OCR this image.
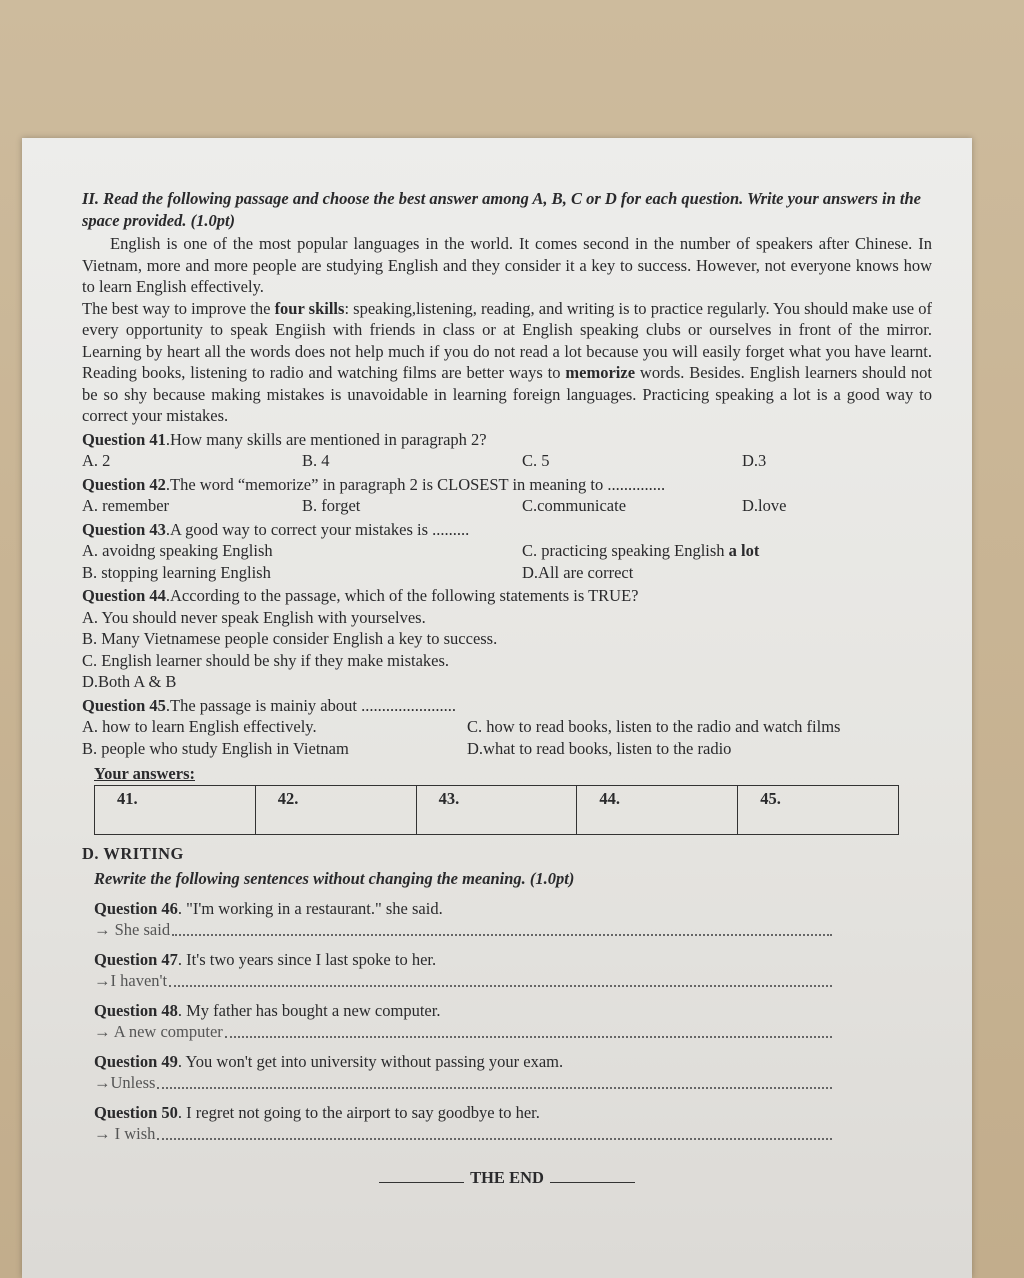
II. Read the following passage and choose the best answer among A, B, C or D for each question. Write your answers in the space provided. (1.0pt)

English is one of the most popular languages in the world. It comes second in the number of speakers after Chinese. In Vietnam, more and more people are studying English and they consider it a key to success. However, not everyone knows how to learn English effectively.

The best way to improve the four skills: speaking,listening, reading, and writing is to practice regularly. You should make use of every opportunity to speak Engiish with friends in class or at English speaking clubs or ourselves in front of the mirror. Learning by heart all the words does not help much if you do not read a lot because you will easily forget what you have learnt. Reading books, listening to radio and watching films are better ways to memorize words. Besides. English learners should not be so shy because making mistakes is unavoidable in learning foreign languages. Practicing speaking a lot is a good way to correct your mistakes.

Question 41.How many skills are mentioned in paragraph 2?

A. 2	B. 4	C. 5	D.3

Question 42.The word “memorize” in paragraph 2 is CLOSEST in meaning to ..............

A. remember	B. forget	C.communicate	D.love

Question 43.A good way to correct your mistakes is .........

A. avoidng speaking English	C. practicing speaking English a lot
B. stopping learning English	D.All are correct

Question 44.According to the passage, which of the following statements is TRUE?

A. You should never speak English with yourselves.

B. Many Vietnamese people consider English a key to success.

C. English learner should be shy if they make mistakes.

D.Both A & B

Question 45.The passage is mainiy about .......................

A. how to learn English effectively.	C. how to read books, listen to the radio and watch films
B. people who study English in Vietnam	D.what to read books, listen to the radio

Your answers:

41.	42.	43.	44.	45.

D. WRITING

Rewrite the following sentences without changing the meaning. (1.0pt)

Question 46. "I'm working in a restaurant." she said.

→ She said

Question 47. It's two years since I last spoke to her.

→I haven't

Question 48. My father has bought a new computer.

→ A new computer

Question 49. You won't get into university without passing your exam.

→Unless

Question 50. I regret not going to the airport to say goodbye to her.

→ I wish
THE END
